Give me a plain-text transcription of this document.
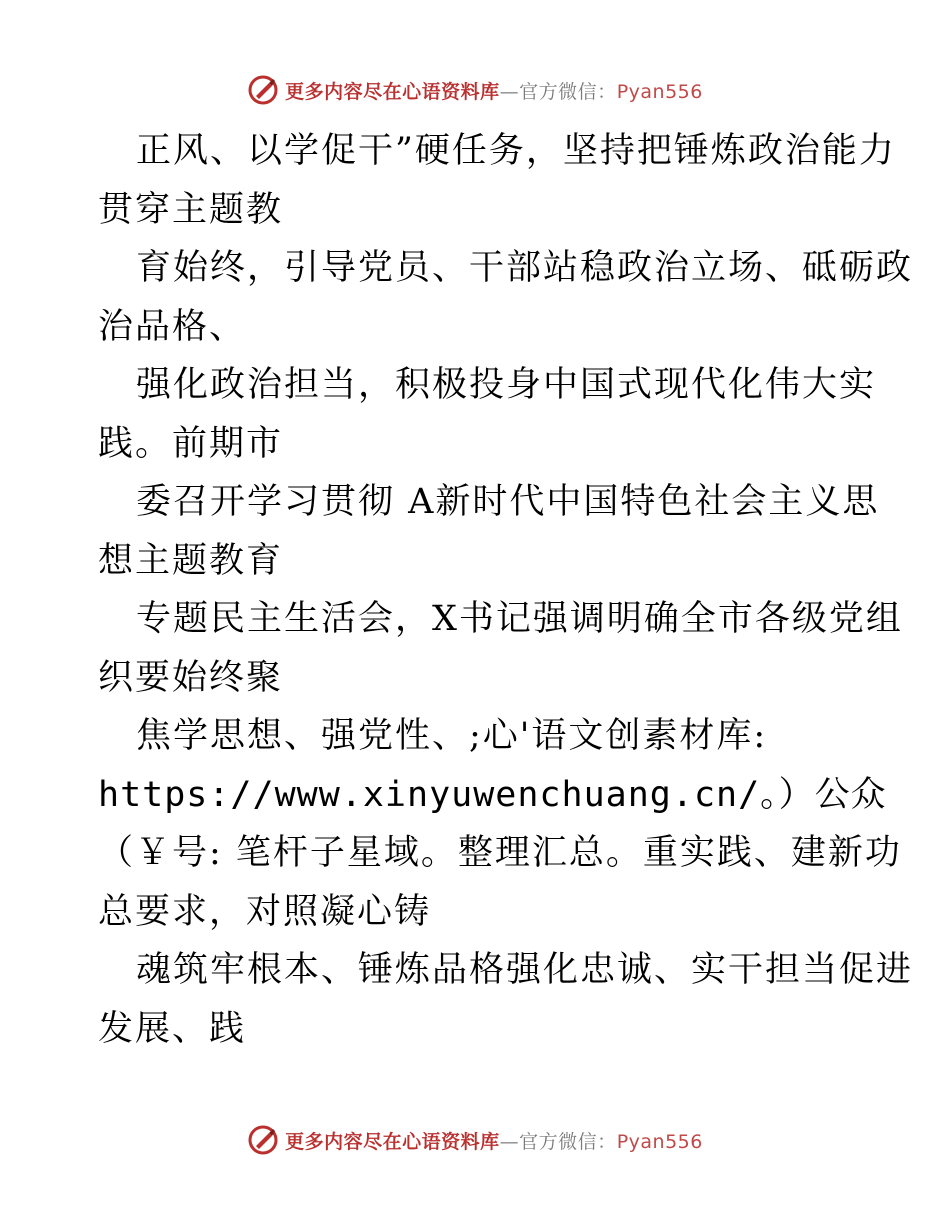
更多内容尽在心语资料库—官方微信：Pyan556
正风、以学促干”硬任务，坚持把锤炼政治能力
贯穿主题教
育始终，引导党员、干部站稳政治立场、砥砺政
治品格、
强化政治担当，积极投身中国式现代化伟大实
践。前期市
委召开学习贯彻 A新时代中国特色社会主义思
想主题教育
专题民主生活会，X书记强调明确全市各级党组
织要始终聚
焦学思想、强党性、;心'语文创素材库:
https://www.xinyuwenchuang.cn/。）公众
（￥号: 笔杆子星域。整理汇总。重实践、建新功
总要求，对照凝心铸
魂筑牢根本、锤炼品格强化忠诚、实干担当促进
发展、践
更多内容尽在心语资料库—官方微信：Pyan556
